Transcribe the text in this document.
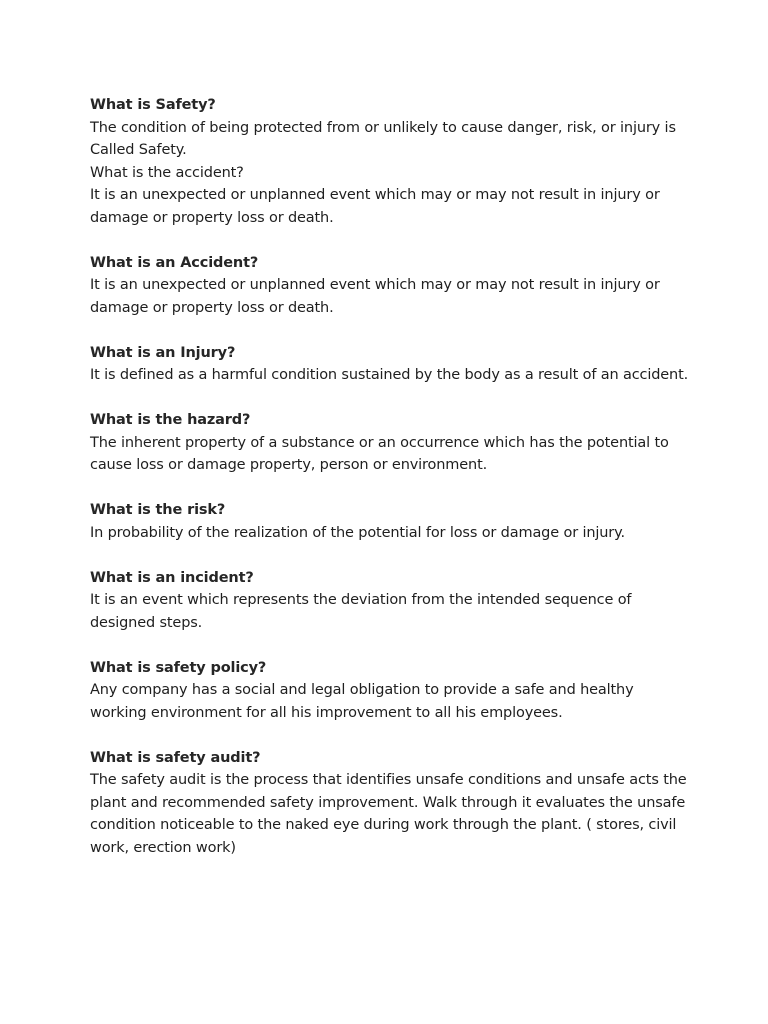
What is Safety?
The condition of being protected from or unlikely to cause danger, risk, or injury is Called Safety.
What is the accident?
It is an unexpected or unplanned event which may or may not result in injury or damage or property loss or death.
What is an Accident?
It is an unexpected or unplanned event which may or may not result in injury or damage or property loss or death.
What is an Injury?
It is defined as a harmful condition sustained by the body as a result of an accident.
What is the hazard?
The inherent property of a substance or an occurrence which has the potential to cause loss or damage property, person or environment.
What is the risk?
In probability of the realization of the potential for loss or damage or injury.
What is an incident?
It is an event which represents the deviation from the intended sequence of designed steps.
What is safety policy?
Any company has a social and legal obligation to provide a safe and healthy working environment for all his improvement to all his employees.
What is safety audit?
The safety audit is the process that identifies unsafe conditions and unsafe acts the plant and recommended safety improvement. Walk through it evaluates the unsafe condition noticeable to the naked eye during work through the plant. ( stores, civil work, erection work)
